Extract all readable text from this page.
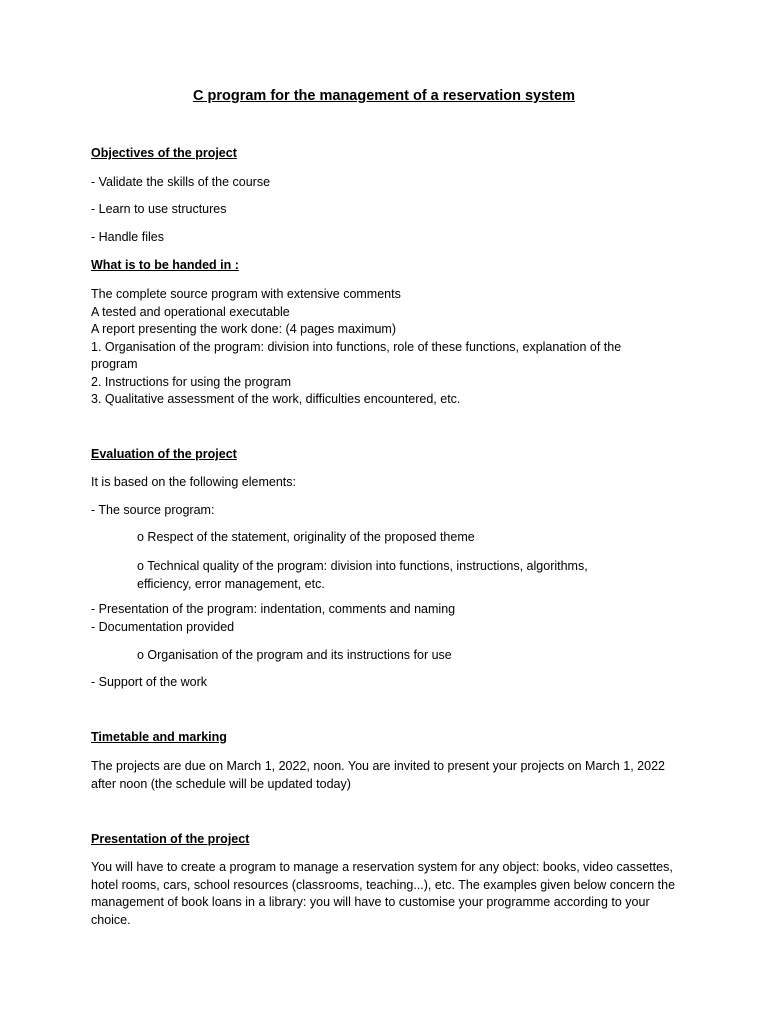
C program for the management of a reservation system
Objectives of the project
- Validate the skills of the course
- Learn to use structures
- Handle files
What is to be handed in :
The complete source program with extensive comments
A tested and operational executable
A report presenting the work done: (4 pages maximum)
1. Organisation of the program: division into functions, role of these functions, explanation of the
program
2. Instructions for using the program
3. Qualitative assessment of the work, difficulties encountered, etc.
Evaluation of the project
It is based on the following elements:
- The source program:
o Respect of the statement, originality of the proposed theme
o Technical quality of the program: division into functions, instructions, algorithms, efficiency, error management, etc.
- Presentation of the program: indentation, comments and naming
- Documentation provided
o Organisation of the program and its instructions for use
- Support of the work
Timetable and marking
The projects are due on March 1, 2022, noon. You are invited to present your projects on March 1, 2022 after noon (the schedule will be updated today)
Presentation of the project
You will have to create a program to manage a reservation system for any object: books, video cassettes, hotel rooms, cars, school resources (classrooms, teaching...), etc. The examples given below concern the management of book loans in a library: you will have to customise your programme according to your choice.
